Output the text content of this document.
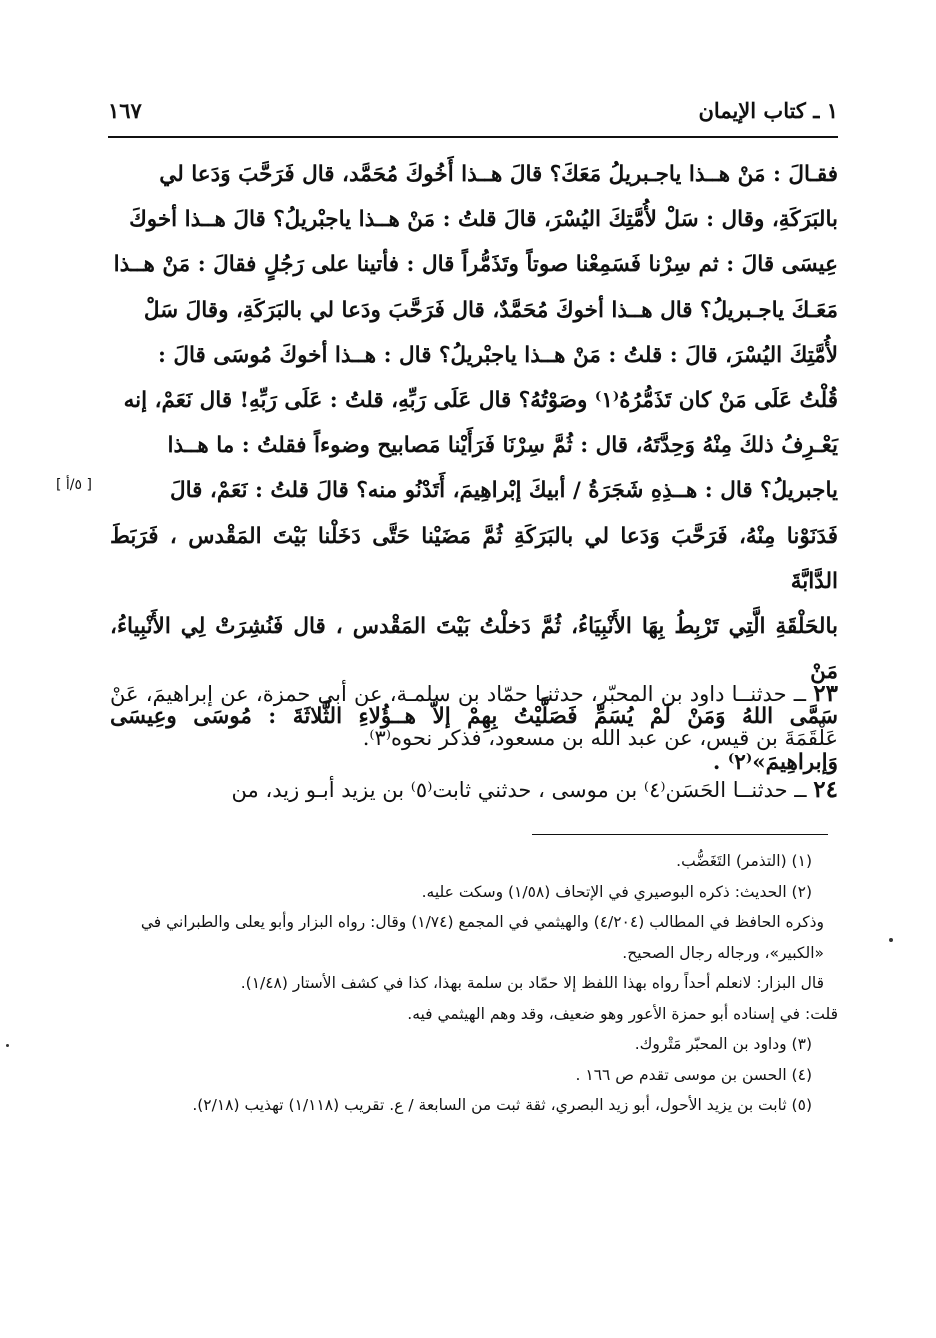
١ ـ كتاب الإيمان
١٦٧

فقـالَ : مَنْ هــذا ياجـبريلُ مَعَكَ؟ قالَ هــذا أَخُوكَ مُحَمَّد، قال فَرَحَّبَ وَدَعا لي

بالبَرَكَةِ، وقال : سَلْ لأُمَّتِكَ اليُسْرَ، قالَ قلتُ : مَنْ هــذا ياجبْريلُ؟ قالَ هــذا أخوكَ

عِيسَى قالَ : ثم سِرْنا فَسَمِعْنا صوتاً وتَذَمُّراً قال : فأتينا على رَجُلٍ فقالَ : مَنْ هــذا

مَعَـكَ ياجـبريلُ؟ قال هــذا أخوكَ مُحَمَّدٌ، قال فَرَحَّبَ ودَعا لي بالبَرَكَةِ، وقالَ سَلْ

لأُمَّتِكَ اليُسْرَ، قالَ : قلتُ : مَنْ هــذا ياجبْريلُ؟ قال : هــذا أخوكَ مُوسَى قالَ :

قُلْتُ عَلَى مَنْ كان تَذَمُّرُهُ⁽١⁾ وصَوْتُهُ؟ قال عَلَى رَبِّهِ، قلتُ : عَلَى رَبِّهِ! قال نَعَمْ، إنه

يَعْـرِفُ ذلكَ مِنْهُ وَحِدَّتَهُ، قال : ثُمَّ سِرْنَا فَرَأَيْنا مَصابيح وضوءاً فقلتُ : ما هــذا

ياجبريلُ؟ قال : هــذِهِ شَجَرَةُ / أبيكَ إبْراهِيمَ، أَتَدْنُو منه؟ قالَ قلتُ : نَعَمْ، قالَ

فَدَنَوْنا مِنْهُ، فَرَحَّبَ وَدَعا لي بالبَرَكَةِ ثُمَّ مَضَيْنا حَتَّى دَخَلْنا بَيْتَ المَقْدس ، فَرَبَطَ الدَّابَّةَ

بالحَلْقَةِ الَّتِي تَرْبِطُ بِهَا الأَنْبِيَاءُ، ثُمَّ دَخلْتُ بَيْتَ المَقْدس ، قال فَنُشِرَتْ لِي الأَنْبِياءُ، مَنْ

سَمَّى اللهُ وَمَنْ لَمْ يُسَمِّ فَصَلَّيْتُ بِهِمْ إلاّ هــؤُلاءِ الثَّلاثَةَ : مُوسَى وعِيسَى وَإبراهِيمَ»⁽٢⁾ .

[ ٥/أ ]
٢٣ ــ حدثنــا داود بن المحبّر، حدثنـا حمّاد بن سلمـة، عن أبي حمزة، عن إبراهيمَ، عَنْ عَلْقَمَةَ بن قيس، عن عبد الله بن مسعود، فذكر نحوه⁽٣⁾.
٢٤ ــ حدثنــا الحَسَن⁽٤⁾ بن موسى ، حدثني ثابت⁽٥⁾ بن يزيد أبـو زيد، من

(١) (التذمر) التَغَضُّب.

(٢) الحديث: ذكره البوصيري في الإتحاف (١/٥٨) وسكت عليه.

وذكره الحافظ في المطالب (٤/٢٠٤) والهيثمي في المجمع (١/٧٤) وقال: رواه البزار وأبو يعلى والطبراني في «الكبير»، ورجاله رجال الصحيح.

قال البزار: لانعلم أحداً رواه بهذا اللفظ إلا حمّاد بن سلمة بهذا، كذا في كشف الأستار (١/٤٨).

قلت: في إسناده أبو حمزة الأعور وهو ضعيف، وقد وهم الهيثمي فيه.

(٣) وداود بن المحبّر مَتْروك.

(٤) الحسن بن موسى تقدم ص ١٦٦ .

(٥) ثابت بن يزيد الأحول، أبو زيد البصري، ثقة ثبت من السابعة / ع. تقريب (١/١١٨) تهذيب (٢/١٨).
